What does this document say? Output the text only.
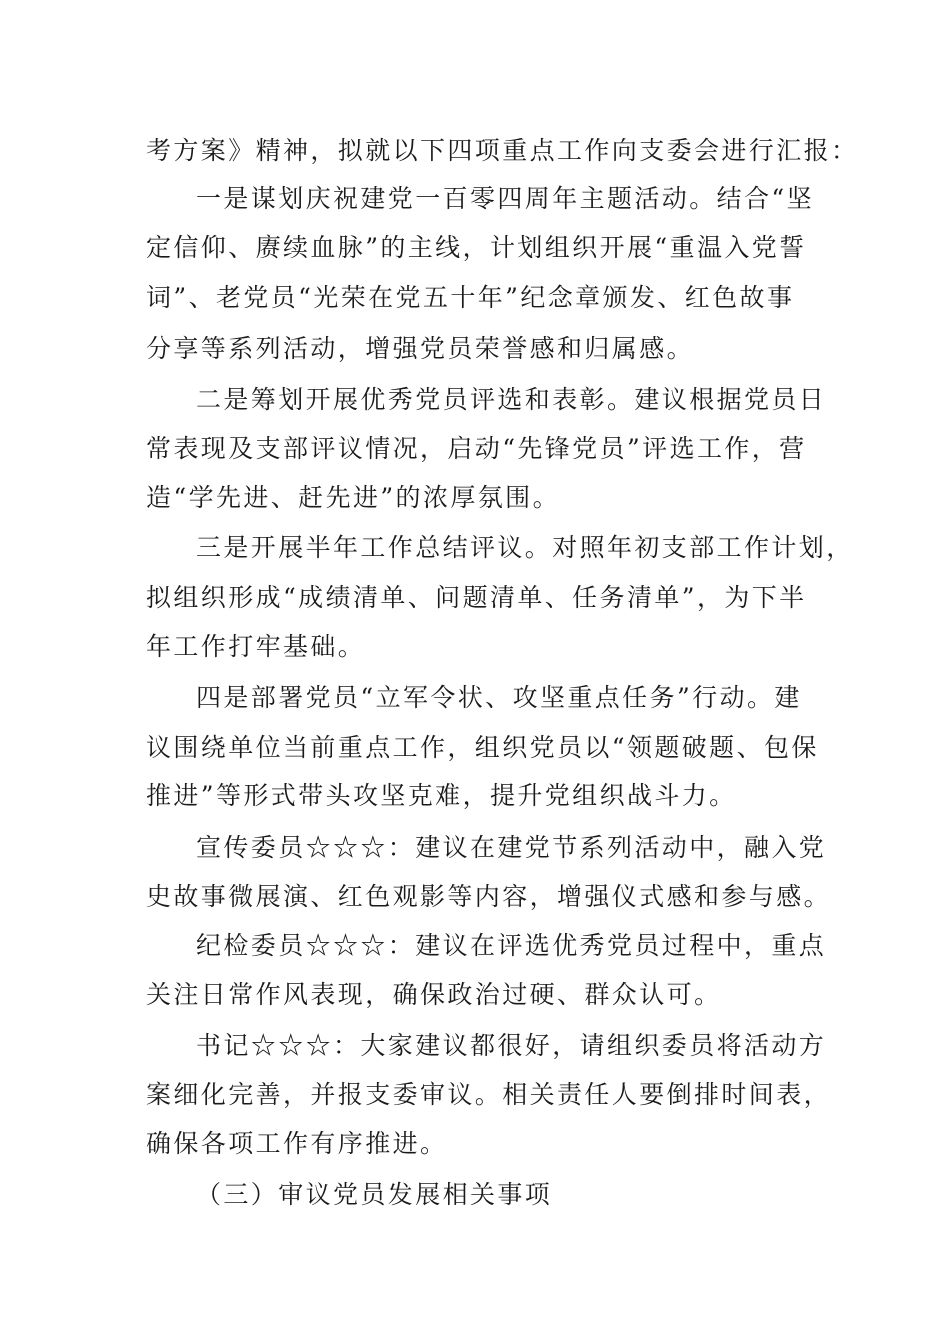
考方案》精神，拟就以下四项重点工作向支委会进行汇报：
一是谋划庆祝建党一百零四周年主题活动。结合“坚
定信仰、赓续血脉”的主线，计划组织开展“重温入党誓
词”、老党员“光荣在党五十年”纪念章颁发、红色故事
分享等系列活动，增强党员荣誉感和归属感。
二是筹划开展优秀党员评选和表彰。建议根据党员日
常表现及支部评议情况，启动“先锋党员”评选工作，营
造“学先进、赶先进”的浓厚氛围。
三是开展半年工作总结评议。对照年初支部工作计划，
拟组织形成“成绩清单、问题清单、任务清单”，为下半
年工作打牢基础。
四是部署党员“立军令状、攻坚重点任务”行动。建
议围绕单位当前重点工作，组织党员以“领题破题、包保
推进”等形式带头攻坚克难，提升党组织战斗力。
宣传委员☆☆☆：建议在建党节系列活动中，融入党
史故事微展演、红色观影等内容，增强仪式感和参与感。
纪检委员☆☆☆：建议在评选优秀党员过程中，重点
关注日常作风表现，确保政治过硬、群众认可。
书记☆☆☆：大家建议都很好，请组织委员将活动方
案细化完善，并报支委审议。相关责任人要倒排时间表，
确保各项工作有序推进。
（三）审议党员发展相关事项
